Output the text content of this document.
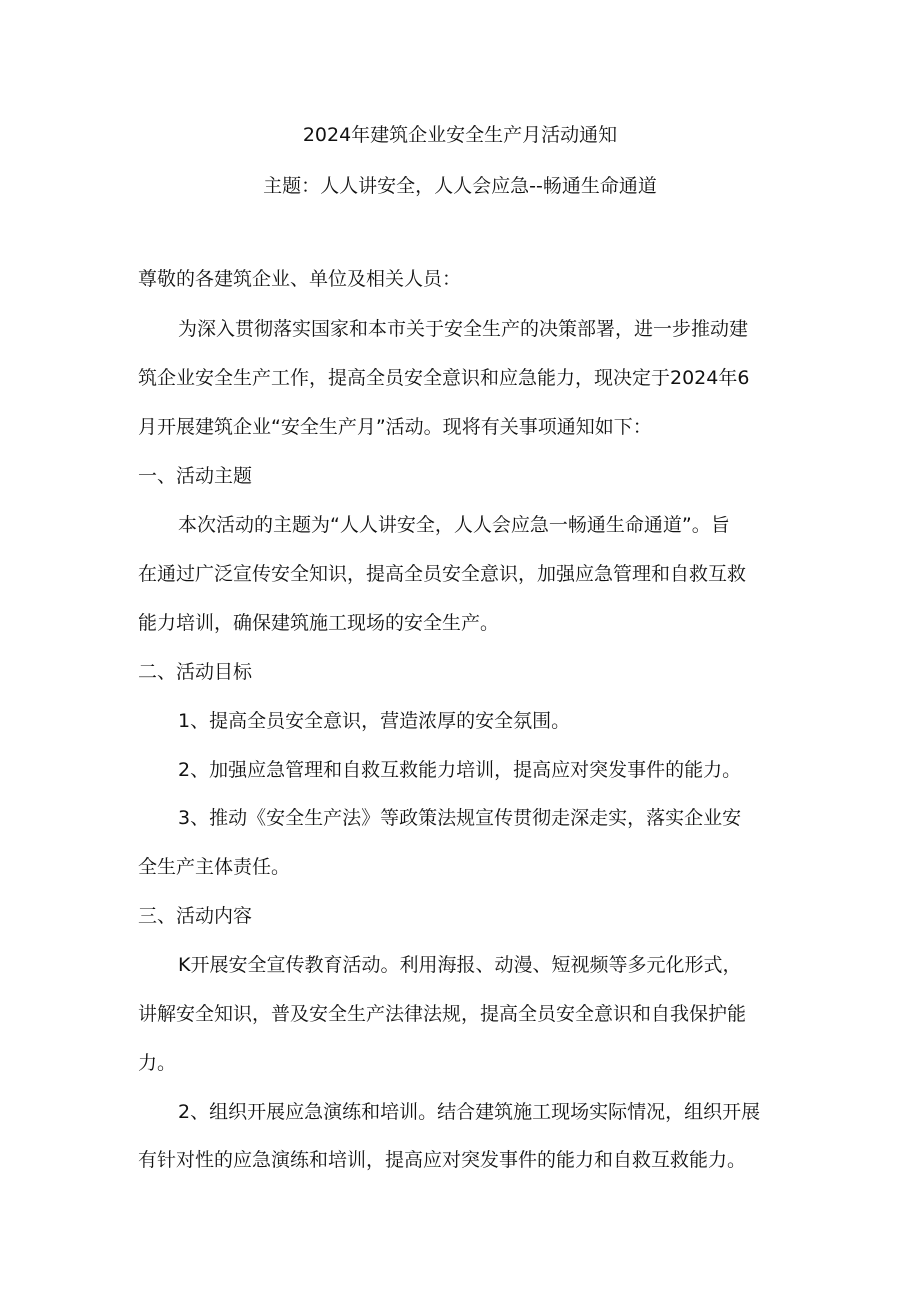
2024年建筑企业安全生产月活动通知
主题：人人讲安全，人人会应急--畅通生命通道
尊敬的各建筑企业、单位及相关人员：
为深入贯彻落实国家和本市关于安全生产的决策部署，进一步推动建
筑企业安全生产工作，提高全员安全意识和应急能力，现决定于2024年6
月开展建筑企业“安全生产月”活动。现将有关事项通知如下：
一、活动主题
本次活动的主题为“人人讲安全，人人会应急一畅通生命通道”。旨
在通过广泛宣传安全知识，提高全员安全意识，加强应急管理和自救互救
能力培训，确保建筑施工现场的安全生产。
二、活动目标
1、提高全员安全意识，营造浓厚的安全氛围。
2、加强应急管理和自救互救能力培训，提高应对突发事件的能力。
3、推动《安全生产法》等政策法规宣传贯彻走深走实，落实企业安
全生产主体责任。
三、活动内容
K开展安全宣传教育活动。利用海报、动漫、短视频等多元化形式，
讲解安全知识，普及安全生产法律法规，提高全员安全意识和自我保护能
力。
2、组织开展应急演练和培训。结合建筑施工现场实际情况，组织开展
有针对性的应急演练和培训，提高应对突发事件的能力和自救互救能力。
